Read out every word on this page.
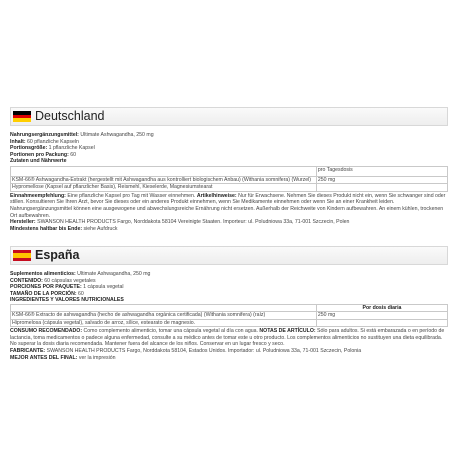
Deutschland
Nahrungsergänzungsmittel: Ultimate Ashwagandha, 250 mg
Inhalt: 60 pflanzliche Kapseln
Portionsgröße: 1 pflanzliche Kapsel
Portionen pro Packung: 60
Zutaten und Nährwerte
	pro Tagesdosis
KSM-66® Ashwagandha-Extrakt (hergestellt mit Ashwagandha aus kontrolliert biologischem Anbau) (Withania somnifera) (Wurzel)	250 mg
Hypromellose (Kapsel auf pflanzlicher Basis), Reismehl, Kieselerde, Magnesiumstearat	
Einnahmeempfehlung: Eine pflanzliche Kapsel pro Tag mit Wasser einnehmen. Artikelhinweise: Nur für Erwachsene. Nehmen Sie dieses Produkt nicht ein, wenn Sie schwanger sind oder stillen. Konsultieren Sie Ihren Arzt, bevor Sie dieses oder ein anderes Produkt einnehmen, wenn Sie Medikamente einnehmen oder wenn Sie an einer Krankheit leiden. Nahrungsergänzungsmittel können eine ausgewogene und abwechslungsreiche Ernährung nicht ersetzen. Außerhalb der Reichweite von Kindern aufbewahren. An einem kühlen, trockenen Ort aufbewahren.
Hersteller: SWANSON HEALTH PRODUCTS Fargo, Norddakota 58104 Vereinigte Staaten. Importeur: ul. Poludniowa 33a, 71-001 Szczecin, Polen
Mindestens haltbar bis Ende: siehe Aufdruck
España
Suplementos alimenticios: Ultimate Ashwagandha, 250 mg
CONTENIDO: 60 cápsulas vegetales
PORCIONES POR PAQUETE: 1 cápsula vegetal
TAMAÑO DE LA PORCIÓN: 60
INGREDIENTES Y VALORES NUTRICIONALES
	Por dosis diaria
KSM-66® Extracto de ashwagandha (hecho de ashwagandha orgánica certificada) (Withania somnifera) (raíz)	250 mg
Hipromelosa (cápsula vegetal), salvado de arroz, sílice, estearato de magnesio.	
CONSUMO RECOMENDADO: Como complemento alimenticio, tomar una cápsula vegetal al día con agua. NOTAS DE ARTÍCULO: Sólo para adultos. Si está embarazada o en período de lactancia, toma medicamentos o padece alguna enfermedad, consulte a su médico antes de tomar este u otro producto. Los complementos alimenticios no sustituyen una dieta equilibrada. No superar la dosis diaria recomendada. Mantener fuera del alcance de los niños. Conservar en un lugar fresco y seco.
FABRICANTE: SWANSON HEALTH PRODUCTS Fargo, Norddakota 58104, Estados Unidos. Importador: ul. Poludniowa 33a, 71-001 Szczecin, Polonia
MEJOR ANTES DEL FINAL: ver la impresión
